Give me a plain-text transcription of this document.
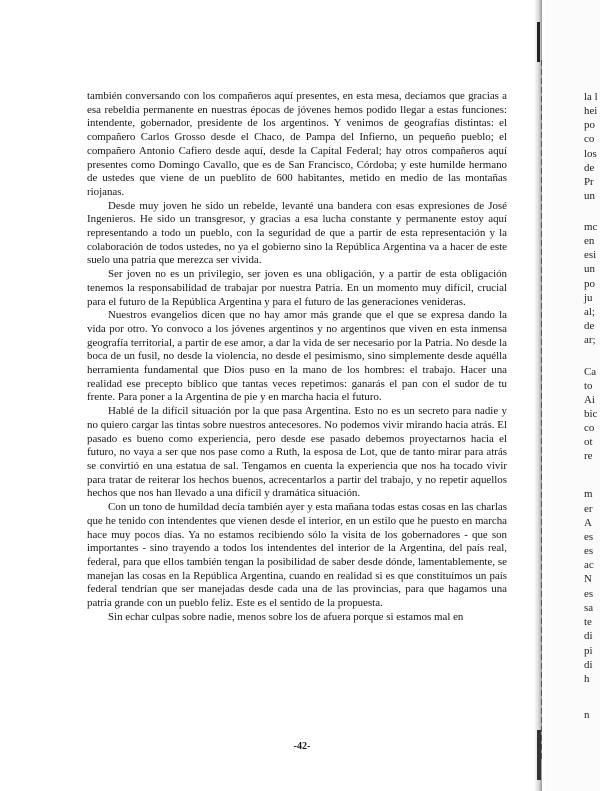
también conversando con los compañeros aquí presentes, en esta mesa, decíamos que gracias a esa rebeldía permanente en nuestras épocas de jóvenes hemos podido llegar a estas funciones: intendente, gobernador, presidente de los argentinos. Y venimos de geografías distintas: el compañero Carlos Grosso desde el Chaco, de Pampa del Infierno, un pequeño pueblo; el compañero Antonio Cafiero desde aquí, desde la Capital Federal; hay otros compañeros aquí presentes como Domingo Cavallo, que es de San Francisco, Córdoba; y este humilde hermano de ustedes que viene de un pueblito de 600 habitantes, metido en medio de las montañas riojanas.

Desde muy joven he sido un rebelde, levanté una bandera con esas expresiones de José Ingenieros. He sido un transgresor, y gracias a esa lucha constante y permanente estoy aquí representando a todo un pueblo, con la seguridad de que a partir de esta representación y la colaboración de todos ustedes, no ya el gobierno sino la República Argentina va a hacer de este suelo una patria que merezca ser vivida.

Ser joven no es un privilegio, ser joven es una obligación, y a partir de esta obligación tenemos la responsabilidad de trabajar por nuestra Patria. En un momento muy difícil, crucial para el futuro de la República Argentina y para el futuro de las generaciones venideras.

Nuestros evangelios dicen que no hay amor más grande que el que se expresa dando la vida por otro. Yo convoco a los jóvenes argentinos y no argentinos que viven en esta inmensa geografía territorial, a partir de ese amor, a dar la vida de ser necesario por la Patria. No desde la boca de un fusil, no desde la violencia, no desde el pesimismo, sino simplemente desde aquélla herramienta fundamental que Dios puso en la mano de los hombres: el trabajo. Hacer una realidad ese precepto bíblico que tantas veces repetimos: ganarás el pan con el sudor de tu frente. Para poner a la Argentina de pie y en marcha hacia el futuro.

Hablé de la difícil situación por la que pasa Argentina. Esto no es un secreto para nadie y no quiero cargar las tintas sobre nuestros antecesores. No podemos vivir mirando hacia atrás. El pasado es bueno como experiencia, pero desde ese pasado debemos proyectarnos hacia el futuro, no vaya a ser que nos pase como a Ruth, la esposa de Lot, que de tanto mirar para atrás se convirtió en una estatua de sal. Tengamos en cuenta la experiencia que nos ha tocado vivir para tratar de reiterar los hechos buenos, acrecentarlos a partir del trabajo, y no repetir aquellos hechos que nos han llevado a una difícil y dramática situación.

Con un tono de humildad decía también ayer y esta mañana todas estas cosas en las charlas que he tenido con intendentes que vienen desde el interior, en un estilo que he puesto en marcha hace muy pocos días. Ya no estamos recibiendo sólo la visita de los gobernadores - que son importantes - sino trayendo a todos los intendentes del interior de la Argentina, del país real, federal, para que ellos también tengan la posibilidad de saber desde dónde, lamentablemente, se manejan las cosas en la República Argentina, cuando en realidad si es que constituímos un país federal tendrían que ser manejadas desde cada una de las provincias, para que hagamos una patria grande con un pueblo feliz. Este es el sentido de la propuesta.

Sin echar culpas sobre nadie, menos sobre los de afuera porque si estamos mal en

-42-
la l
hei
po
co
los
de
Pr
un
mc
en
esi
un
po
ju
al;
de
ar;
Ca
to
Ai
bic
co
ot
re
m
er
A
es
es
ac
N
es
sa
te
di
pi
di
h
n
